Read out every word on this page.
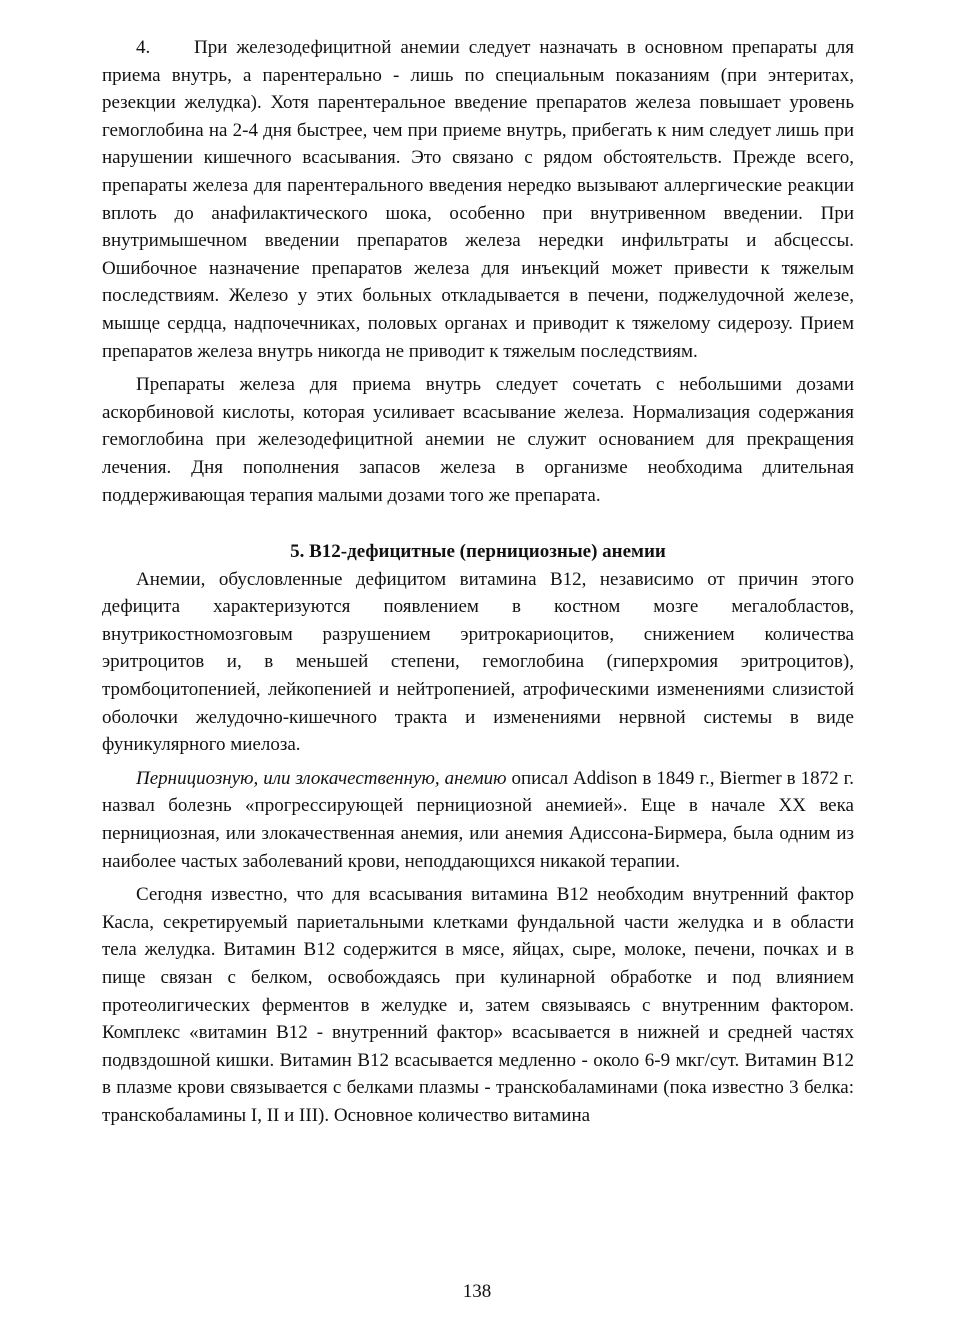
4. При железодефицитной анемии следует назначать в основном препараты для приема внутрь, а парентерально - лишь по специальным показаниям (при энтеритах, резекции желудка). Хотя парентеральное введение препаратов железа повышает уровень гемоглобина на 2-4 дня быстрее, чем при приеме внутрь, прибегать к ним следует лишь при нарушении кишечного всасывания. Это связано с рядом обстоятельств. Прежде всего, препараты железа для парентерального введения нередко вызывают аллергические реакции вплоть до анафилактического шока, особенно при внутривенном введении. При внутримышечном введении препаратов железа нередки инфильтраты и абсцессы. Ошибочное назначение препаратов железа для инъекций может привести к тяжелым последствиям. Железо у этих больных откладывается в печени, поджелудочной железе, мышце сердца, надпочечниках, половых органах и приводит к тяжелому сидерозу. Прием препаратов железа внутрь никогда не приводит к тяжелым последствиям.

Препараты железа для приема внутрь следует сочетать с небольшими дозами аскорбиновой кислоты, которая усиливает всасывание железа. Нормализация содержания гемоглобина при железодефицитной анемии не служит основанием для прекращения лечения. Дня пополнения запасов железа в организме необходима длительная поддерживающая терапия малыми дозами того же препарата.

5. В12-дефицитные (пернициозные) анемии

Анемии, обусловленные дефицитом витамина В12, независимо от причин этого дефицита характеризуются появлением в костном мозге мегалобластов, внутрикостномозговым разрушением эритрокариоцитов, снижением количества эритроцитов и, в меньшей степени, гемоглобина (гиперхромия эритроцитов), тромбоцитопенией, лейкопенией и нейтропенией, атрофическими изменениями слизистой оболочки желудочно-кишечного тракта и изменениями нервной системы в виде фуникулярного миелоза.

Пернициозную, или злокачественную, анемию описал Addison в 1849 г., Biermer в 1872 г. назвал болезнь «прогрессирующей пернициозной анемией». Еще в начале XX века пернициозная, или злокачественная анемия, или анемия Адиссона-Бирмера, была одним из наиболее частых заболеваний крови, неподдающихся никакой терапии.

Сегодня известно, что для всасывания витамина В12 необходим внутренний фактор Касла, секретируемый париетальными клетками фундальной части желудка и в области тела желудка. Витамин В12 содержится в мясе, яйцах, сыре, молоке, печени, почках и в пище связан с белком, освобождаясь при кулинарной обработке и под влиянием протеолигических ферментов в желудке и, затем связываясь с внутренним фактором. Комплекс «витамин В12 - внутренний фактор» всасывается в нижней и средней частях подвздошной кишки. Витамин В12 всасывается медленно - около 6-9 мкг/сут. Витамин В12 в плазме крови связывается с белками плазмы - транскобаламинами (пока известно 3 белка: транскобаламины I, II и III). Основное количество витамина

138
